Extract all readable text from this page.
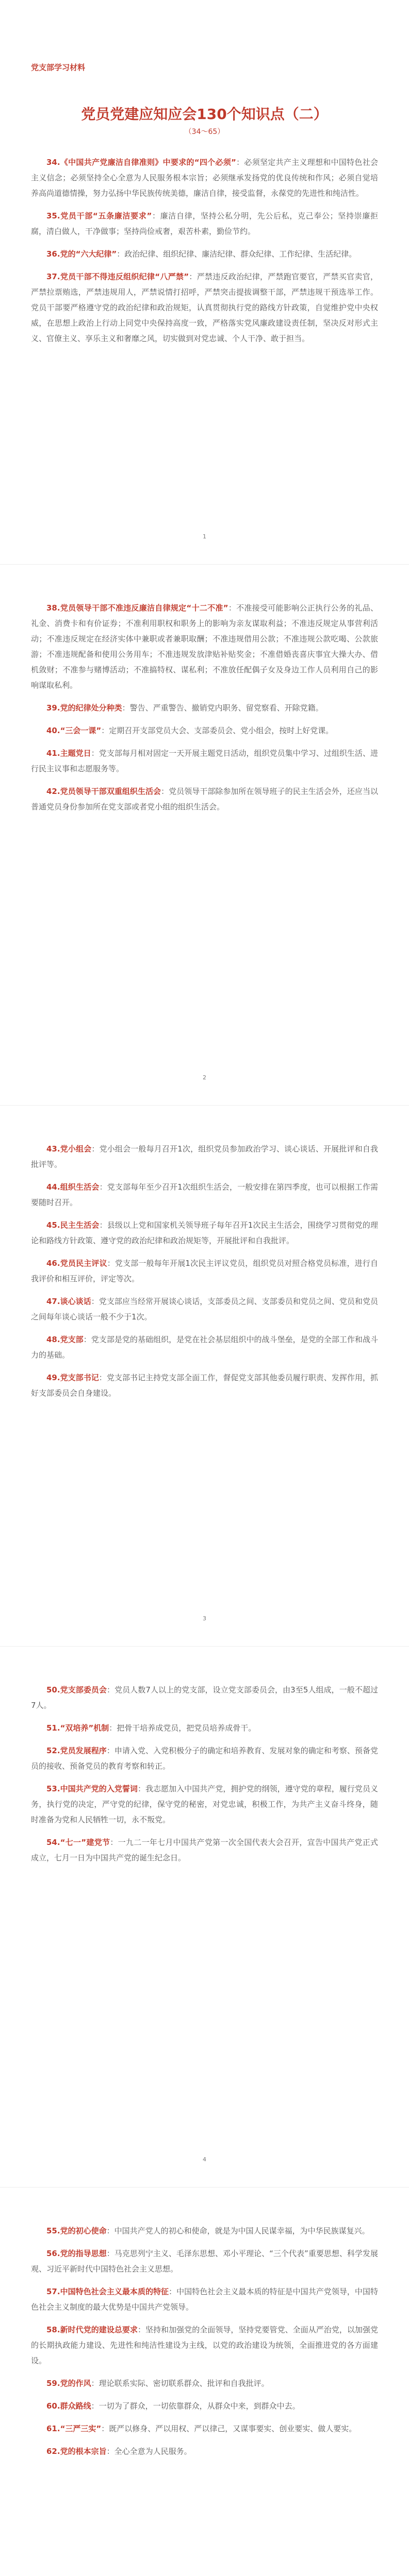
党支部学习材料
党员党建应知应会130个知识点（二）
（34～65）

34.《中国共产党廉洁自律准则》中要求的“四个必须”：必须坚定共产主义理想和中国特色社会主义信念；必须坚持全心全意为人民服务根本宗旨；必须继承发扬党的优良传统和作风；必须自觉培养高尚道德情操，努力弘扬中华民族传统美德，廉洁自律，接受监督，永葆党的先进性和纯洁性。

35.党员干部“五条廉洁要求”：廉洁自律，坚持公私分明，先公后私，克己奉公；坚持崇廉拒腐，清白做人，干净做事；坚持尚俭戒奢，艰苦朴素，勤俭节约。

36.党的“六大纪律”：政治纪律、组织纪律、廉洁纪律、群众纪律、工作纪律、生活纪律。

37.党员干部不得违反组织纪律“八严禁”：严禁违反政治纪律，严禁跑官要官，严禁买官卖官，严禁拉票贿选，严禁违规用人，严禁说情打招呼，严禁突击提拔调整干部，严禁违规干预选举工作。党员干部要严格遵守党的政治纪律和政治规矩，认真贯彻执行党的路线方针政策，自觉维护党中央权威，在思想上政治上行动上同党中央保持高度一致，严格落实党风廉政建设责任制，坚决反对形式主义、官僚主义、享乐主义和奢靡之风，切实做到对党忠诚、个人干净、敢于担当。

1

38.党员领导干部不准违反廉洁自律规定“十二不准”：不准接受可能影响公正执行公务的礼品、礼金、消费卡和有价证券；不准利用职权和职务上的影响为亲友谋取利益；不准违反规定从事营利活动；不准违反规定在经济实体中兼职或者兼职取酬；不准违规借用公款；不准违规公款吃喝、公款旅游；不准违规配备和使用公务用车；不准违规发放津贴补贴奖金；不准借婚丧喜庆事宜大操大办、借机敛财；不准参与赌博活动；不准搞特权、谋私利；不准放任配偶子女及身边工作人员利用自己的影响谋取私利。

39.党的纪律处分种类：警告、严重警告、撤销党内职务、留党察看、开除党籍。

40.“三会一课”：定期召开支部党员大会、支部委员会、党小组会，按时上好党课。

41.主题党日：党支部每月相对固定一天开展主题党日活动，组织党员集中学习、过组织生活、进行民主议事和志愿服务等。

42.党员领导干部双重组织生活会：党员领导干部除参加所在领导班子的民主生活会外，还应当以普通党员身份参加所在党支部或者党小组的组织生活会。

2

43.党小组会：党小组会一般每月召开1次，组织党员参加政治学习、谈心谈话、开展批评和自我批评等。

44.组织生活会：党支部每年至少召开1次组织生活会，一般安排在第四季度，也可以根据工作需要随时召开。

45.民主生活会：县级以上党和国家机关领导班子每年召开1次民主生活会，围绕学习贯彻党的理论和路线方针政策、遵守党的政治纪律和政治规矩等，开展批评和自我批评。

46.党员民主评议：党支部一般每年开展1次民主评议党员，组织党员对照合格党员标准，进行自我评价和相互评价，评定等次。

47.谈心谈话：党支部应当经常开展谈心谈话，支部委员之间、支部委员和党员之间、党员和党员之间每年谈心谈话一般不少于1次。

48.党支部：党支部是党的基础组织，是党在社会基层组织中的战斗堡垒，是党的全部工作和战斗力的基础。

49.党支部书记：党支部书记主持党支部全面工作，督促党支部其他委员履行职责、发挥作用，抓好支部委员会自身建设。

3

50.党支部委员会：党员人数7人以上的党支部，设立党支部委员会，由3至5人组成，一般不超过7人。

51.“双培养”机制：把骨干培养成党员，把党员培养成骨干。

52.党员发展程序：申请入党、入党积极分子的确定和培养教育、发展对象的确定和考察、预备党员的接收、预备党员的教育考察和转正。

53.中国共产党的入党誓词：我志愿加入中国共产党，拥护党的纲领，遵守党的章程，履行党员义务，执行党的决定，严守党的纪律，保守党的秘密，对党忠诚，积极工作，为共产主义奋斗终身，随时准备为党和人民牺牲一切，永不叛党。

54.“七一”建党节：一九二一年七月中国共产党第一次全国代表大会召开，宣告中国共产党正式成立，七月一日为中国共产党的诞生纪念日。

4

55.党的初心使命：中国共产党人的初心和使命，就是为中国人民谋幸福，为中华民族谋复兴。

56.党的指导思想：马克思列宁主义、毛泽东思想、邓小平理论、“三个代表”重要思想、科学发展观、习近平新时代中国特色社会主义思想。

57.中国特色社会主义最本质的特征：中国特色社会主义最本质的特征是中国共产党领导，中国特色社会主义制度的最大优势是中国共产党领导。

58.新时代党的建设总要求：坚持和加强党的全面领导，坚持党要管党、全面从严治党，以加强党的长期执政能力建设、先进性和纯洁性建设为主线，以党的政治建设为统领，全面推进党的各方面建设。

59.党的作风：理论联系实际、密切联系群众、批评和自我批评。

60.群众路线：一切为了群众，一切依靠群众，从群众中来，到群众中去。

61.“三严三实”：既严以修身、严以用权、严以律己，又谋事要实、创业要实、做人要实。

62.党的根本宗旨：全心全意为人民服务。
